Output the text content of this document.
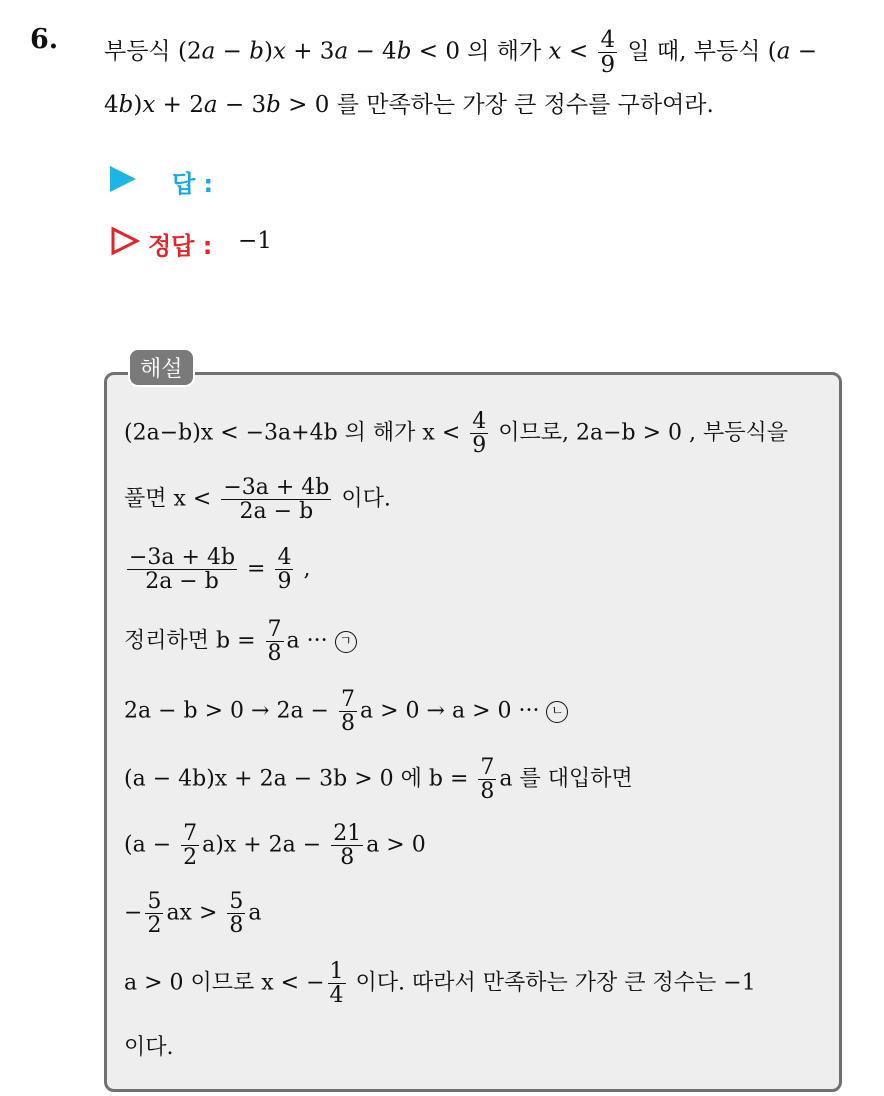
6. 부등식 (2a − b)x + 3a − 4b < 0 의 해가 $x < \frac{4}{9}$ 일 때, 부등식 (a −
4b)x + 2a − 3b > 0 를 만족하는 가장 큰 정수를 구하여라.
답 :
정답 : −1
해설
(2a−b)x < −3a+4b 의 해가 $x < \frac{4}{9}$ 이므로, 2a−b > 0 , 부등식을
풀면 $x < \frac{-3a + 4b}{2a - b}$ 이다.
$\frac{-3a + 4b}{2a - b} = \frac{4}{9}$ ,
정리하면 $b = \frac{7}{8}$ a ··· ㄱ
$2a - b > 0 \to 2a - \frac{7}{8}$ a > 0 → a > 0 ··· ㄴ
(a − 4b)x + 2a − 3b > 0 에 $b = \frac{7}{8}$ a 를 대입하면
$(a - \frac{7}{2} a)x + 2a - \frac{21}{8}$ a > 0
− $\frac{5}{2}$ ax > $\frac{5}{8}$ a
a > 0 이므로 x < − $\frac{1}{4}$ 이다. 따라서 만족하는 가장 큰 정수는 −1
이다.
